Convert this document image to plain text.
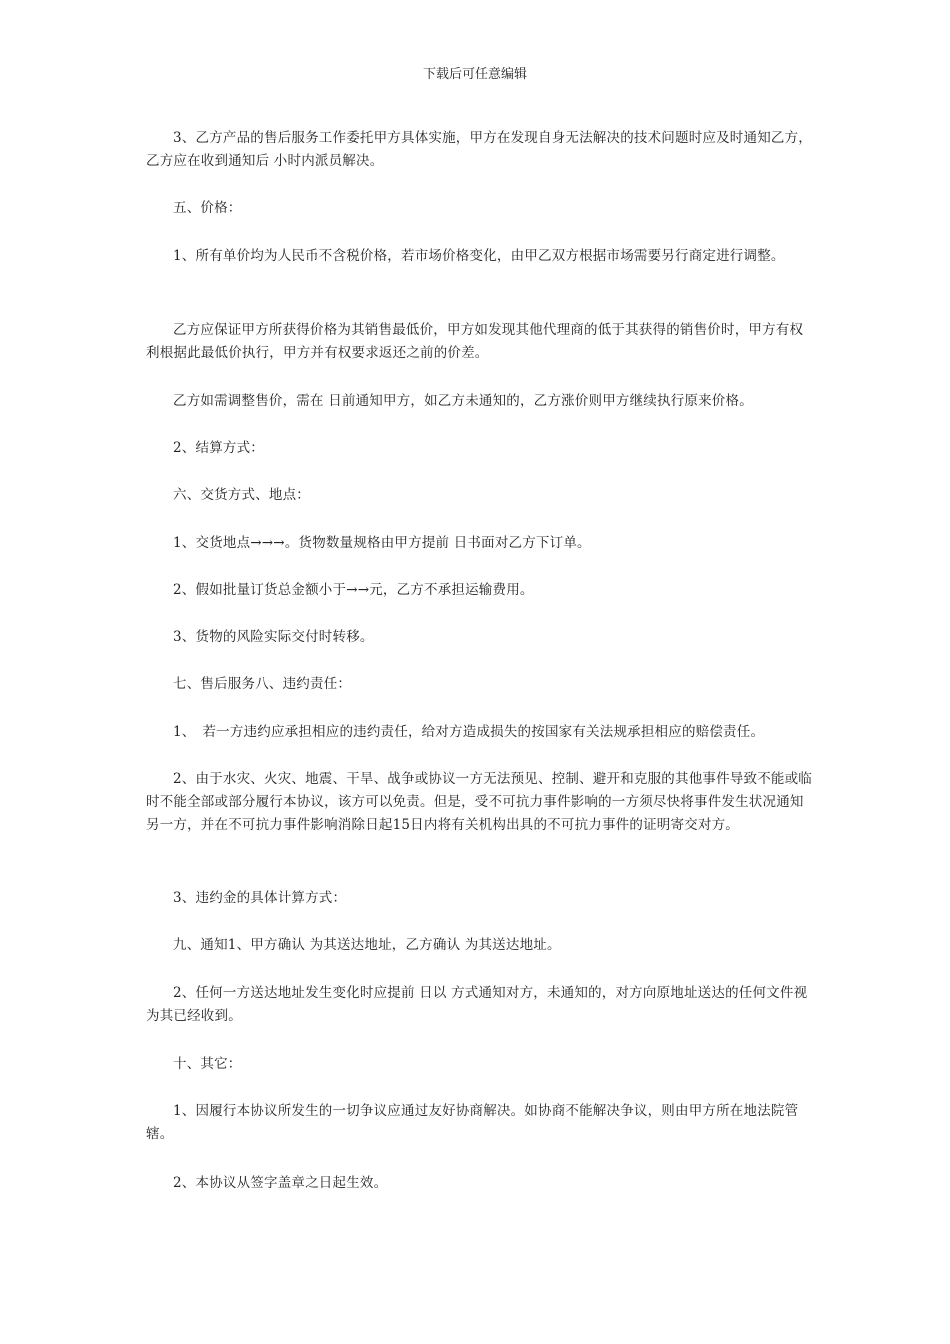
下载后可任意编辑
3、乙方产品的售后服务工作委托甲方具体实施，甲方在发现自身无法解决的技术问题时应及时通知乙方，乙方应在收到通知后 小时内派员解决。
五、价格：
1、所有单价均为人民币不含税价格，若市场价格变化，由甲乙双方根据市场需要另行商定进行调整。
乙方应保证甲方所获得价格为其销售最低价，甲方如发现其他代理商的低于其获得的销售价时，甲方有权利根据此最低价执行，甲方并有权要求返还之前的价差。
乙方如需调整售价，需在 日前通知甲方，如乙方未通知的，乙方涨价则甲方继续执行原来价格。
2、结算方式：
六、交货方式、地点：
1、交货地点→→→。货物数量规格由甲方提前 日书面对乙方下订单。
2、假如批量订货总金额小于→→元，乙方不承担运输费用。
3、货物的风险实际交付时转移。
七、售后服务八、违约责任：
1、　若一方违约应承担相应的违约责任，给对方造成损失的按国家有关法规承担相应的赔偿责任。
2、由于水灾、火灾、地震、干旱、战争或协议一方无法预见、控制、避开和克服的其他事件导致不能或临时不能全部或部分履行本协议，该方可以免责。但是，受不可抗力事件影响的一方须尽快将事件发生状况通知另一方，并在不可抗力事件影响消除日起15日内将有关机构出具的不可抗力事件的证明寄交对方。
3、违约金的具体计算方式：
九、通知1、甲方确认 为其送达地址，乙方确认 为其送达地址。
2、任何一方送达地址发生变化时应提前 日以 方式通知对方，未通知的，对方向原地址送达的任何文件视为其已经收到。
十、其它：
1、因履行本协议所发生的一切争议应通过友好协商解决。如协商不能解决争议，则由甲方所在地法院管辖。
2、本协议从签字盖章之日起生效。
